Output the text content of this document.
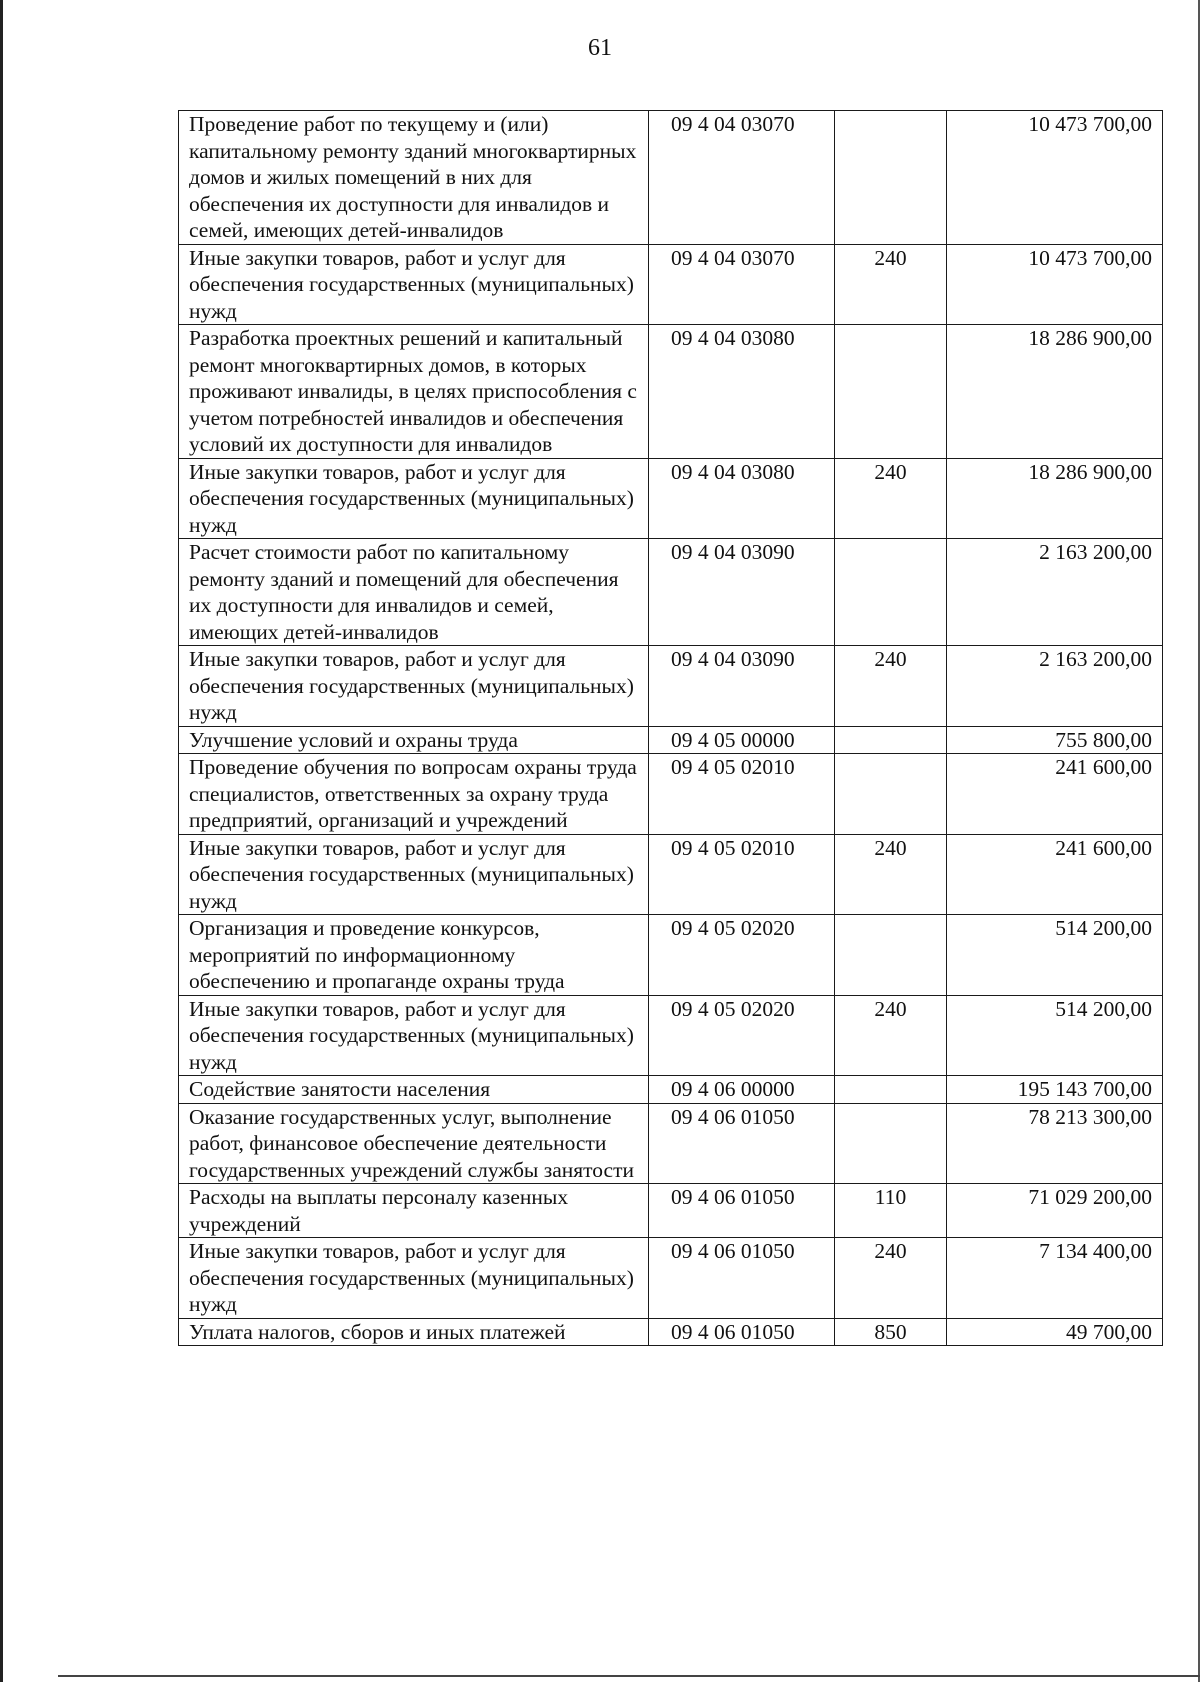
61
Проведение работ по текущему и (или) капитальному ремонту зданий многоквартирных домов и жилых помещений в них для обеспечения их доступности для инвалидов и семей, имеющих детей-инвалидов	09 4 04 03070		10 473 700,00
Иные закупки товаров, работ и услуг для обеспечения государственных (муниципальных) нужд	09 4 04 03070	240	10 473 700,00
Разработка проектных решений и капитальный ремонт многоквартирных домов, в которых проживают инвалиды, в целях приспособления с учетом потребностей инвалидов и обеспечения условий их доступности для инвалидов	09 4 04 03080		18 286 900,00
Иные закупки товаров, работ и услуг для обеспечения государственных (муниципальных) нужд	09 4 04 03080	240	18 286 900,00
Расчет стоимости работ по капитальному ремонту зданий и помещений для обеспечения их доступности для инвалидов и семей, имеющих детей-инвалидов	09 4 04 03090		2 163 200,00
Иные закупки товаров, работ и услуг для обеспечения государственных (муниципальных) нужд	09 4 04 03090	240	2 163 200,00
Улучшение условий и охраны труда	09 4 05 00000		755 800,00
Проведение обучения по вопросам охраны труда специалистов, ответственных за охрану труда предприятий, организаций и учреждений	09 4 05 02010		241 600,00
Иные закупки товаров, работ и услуг для обеспечения государственных (муниципальных) нужд	09 4 05 02010	240	241 600,00
Организация и проведение конкурсов, мероприятий по информационному обеспечению и пропаганде охраны труда	09 4 05 02020		514 200,00
Иные закупки товаров, работ и услуг для обеспечения государственных (муниципальных) нужд	09 4 05 02020	240	514 200,00
Содействие занятости населения	09 4 06 00000		195 143 700,00
Оказание государственных услуг, выполнение работ, финансовое обеспечение деятельности государственных учреждений службы занятости	09 4 06 01050		78 213 300,00
Расходы на выплаты персоналу казенных учреждений	09 4 06 01050	110	71 029 200,00
Иные закупки товаров, работ и услуг для обеспечения государственных (муниципальных) нужд	09 4 06 01050	240	7 134 400,00
Уплата налогов, сборов и иных платежей	09 4 06 01050	850	49 700,00
